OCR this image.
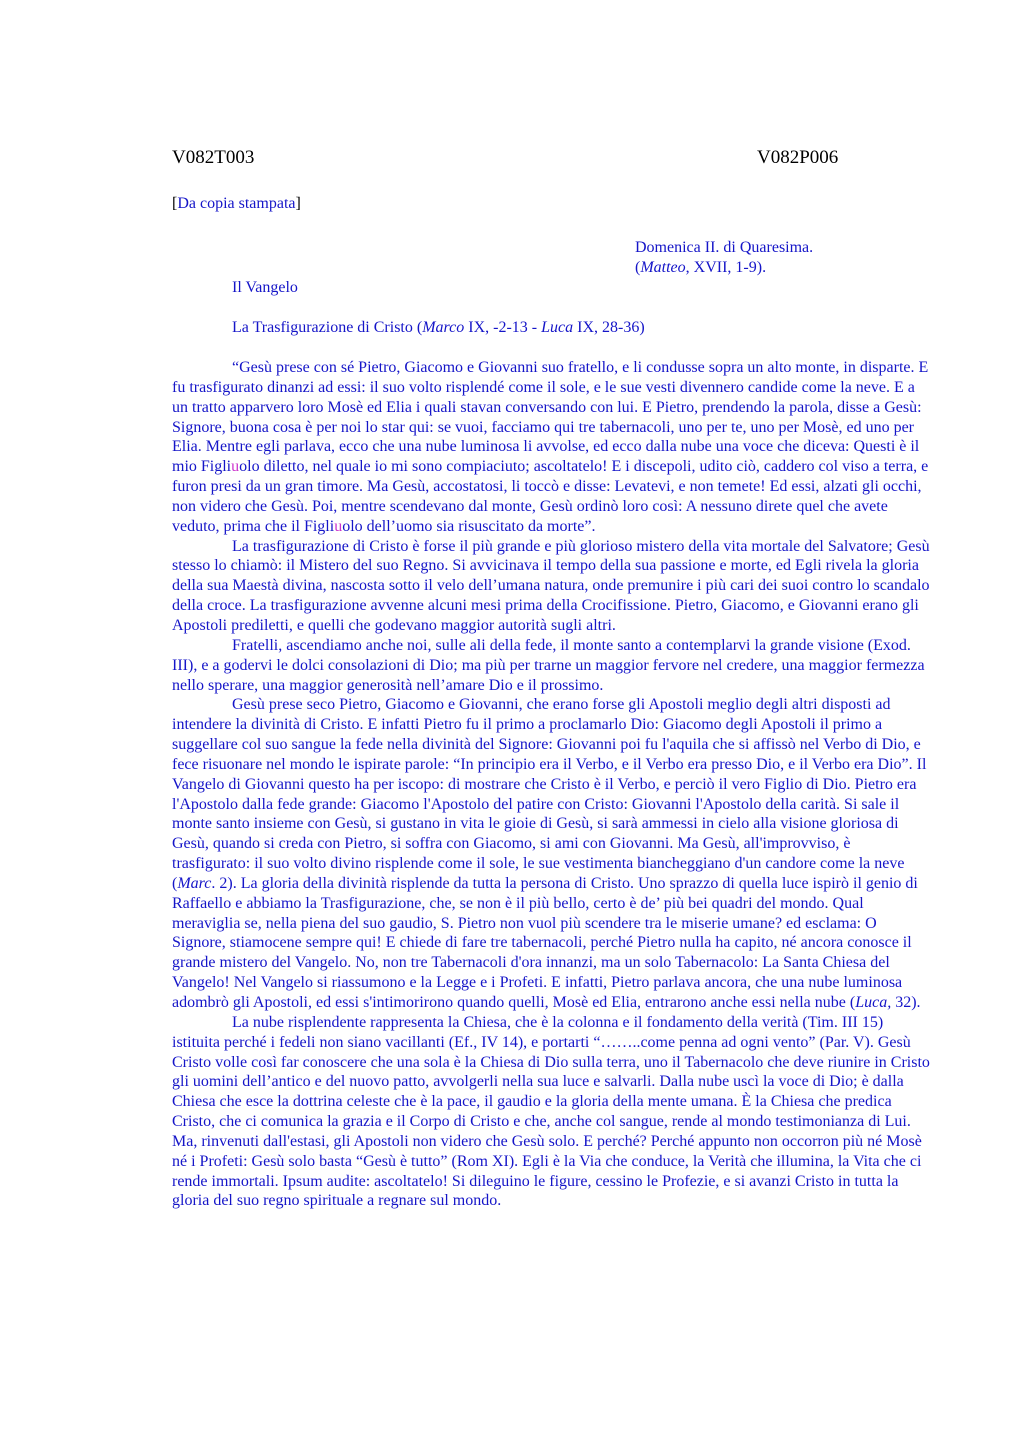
V082T003	V082P006
[Da copia stampata]
Domenica II. di Quaresima.
(Matteo, XVII, 1-9).
Il Vangelo
La Trasfigurazione di Cristo (Marco IX, -2-13 - Luca IX, 28-36)

“Gesù prese con sé Pietro, Giacomo e Giovanni suo fratello, e li condusse sopra un alto monte, in disparte. E fu trasfigurato dinanzi ad essi: il suo volto risplendé come il sole, e le sue vesti divennero candide come la neve. E a un tratto apparvero loro Mosè ed Elia i quali stavan conversando con lui. E Pietro, prendendo la parola, disse a Gesù: Signore, buona cosa è per noi lo star qui: se vuoi, facciamo qui tre tabernacoli, uno per te, uno per Mosè, ed uno per Elia. Mentre egli parlava, ecco che una nube luminosa li avvolse, ed ecco dalla nube una voce che diceva: Questi è il mio Figliuolo diletto, nel quale io mi sono compiaciuto; ascoltatelo! E i discepoli, udito ciò, caddero col viso a terra, e furon presi da un gran timore. Ma Gesù, accostatosi, li toccò e disse: Levatevi, e non temete! Ed essi, alzati gli occhi, non videro che Gesù. Poi, mentre scendevano dal monte, Gesù ordinò loro così: A nessuno direte quel che avete veduto, prima che il Figliuolo dell’uomo sia risuscitato da morte”.

La trasfigurazione di Cristo è forse il più grande e più glorioso mistero della vita mortale del Salvatore; Gesù stesso lo chiamò: il Mistero del suo Regno. Si avvicinava il tempo della sua passione e morte, ed Egli rivela la gloria della sua Maestà divina, nascosta sotto il velo dell’umana natura, onde premunire i più cari dei suoi contro lo scandalo della croce. La trasfigurazione avvenne alcuni mesi prima della Crocifissione. Pietro, Giacomo, e Giovanni erano gli Apostoli prediletti, e quelli che godevano maggior autorità sugli altri.

Fratelli, ascendiamo anche noi, sulle ali della fede, il monte santo a contemplarvi la grande visione (Exod. III), e a godervi le dolci consolazioni di Dio; ma più per trarne un maggior fervore nel credere, una maggior fermezza nello sperare, una maggior generosità nell’amare Dio e il prossimo.

Gesù prese seco Pietro, Giacomo e Giovanni, che erano forse gli Apostoli meglio degli altri disposti ad intendere la divinità di Cristo. E infatti Pietro fu il primo a proclamarlo Dio: Giacomo degli Apostoli il primo a suggellare col suo sangue la fede nella divinità del Signore: Giovanni poi fu l'aquila che si affissò nel Verbo di Dio, e fece risuonare nel mondo le ispirate parole: “In principio era il Verbo, e il Verbo era presso Dio, e il Verbo era Dio”. Il Vangelo di Giovanni questo ha per iscopo: di mostrare che Cristo è il Verbo, e perciò il vero Figlio di Dio. Pietro era l'Apostolo dalla fede grande: Giacomo l'Apostolo del patire con Cristo: Giovanni l'Apostolo della carità. Si sale il monte santo insieme con Gesù, si gustano in vita le gioie di Gesù, si sarà ammessi in cielo alla visione gloriosa di Gesù, quando si creda con Pietro, si soffra con Giacomo, si ami con Giovanni. Ma Gesù, all'improvviso, è trasfigurato: il suo volto divino risplende come il sole, le sue vestimenta biancheggiano d'un candore come la neve (Marc. 2). La gloria della divinità risplende da tutta la persona di Cristo. Uno sprazzo di quella luce ispirò il genio di Raffaello e abbiamo la Trasfigurazione, che, se non è il più bello, certo è de’ più bei quadri del mondo. Qual meraviglia se, nella piena del suo gaudio, S. Pietro non vuol più scendere tra le miserie umane? ed esclama: O Signore, stiamocene sempre qui! E chiede di fare tre tabernacoli, perché Pietro nulla ha capito, né ancora conosce il grande mistero del Vangelo. No, non tre Tabernacoli d'ora innanzi, ma un solo Tabernacolo: La Santa Chiesa del Vangelo! Nel Vangelo si riassumono e la Legge e i Profeti. E infatti, Pietro parlava ancora, che una nube luminosa adombrò gli Apostoli, ed essi s'intimorirono quando quelli, Mosè ed Elia, entrarono anche essi nella nube (Luca, 32).

La nube risplendente rappresenta la Chiesa, che è la colonna e il fondamento della verità (Tim. III 15) istituita perché i fedeli non siano vacillanti (Ef., IV 14), e portarti “……..come penna ad ogni vento” (Par. V). Gesù Cristo volle così far conoscere che una sola è la Chiesa di Dio sulla terra, uno il Tabernacolo che deve riunire in Cristo gli uomini dell’antico e del nuovo patto, avvolgerli nella sua luce e salvarli. Dalla nube uscì la voce di Dio; è dalla Chiesa che esce la dottrina celeste che è la pace, il gaudio e la gloria della mente umana. È la Chiesa che predica Cristo, che ci comunica la grazia e il Corpo di Cristo e che, anche col sangue, rende al mondo testimonianza di Lui. Ma, rinvenuti dall'estasi, gli Apostoli non videro che Gesù solo. E perché? Perché appunto non occorron più né Mosè né i Profeti: Gesù solo basta “Gesù è tutto” (Rom XI). Egli è la Via che conduce, la Verità che illumina, la Vita che ci rende immortali. Ipsum audite: ascoltatelo! Si dileguino le figure, cessino le Profezie, e si avanzi Cristo in tutta la gloria del suo regno spirituale a regnare sul mondo.
